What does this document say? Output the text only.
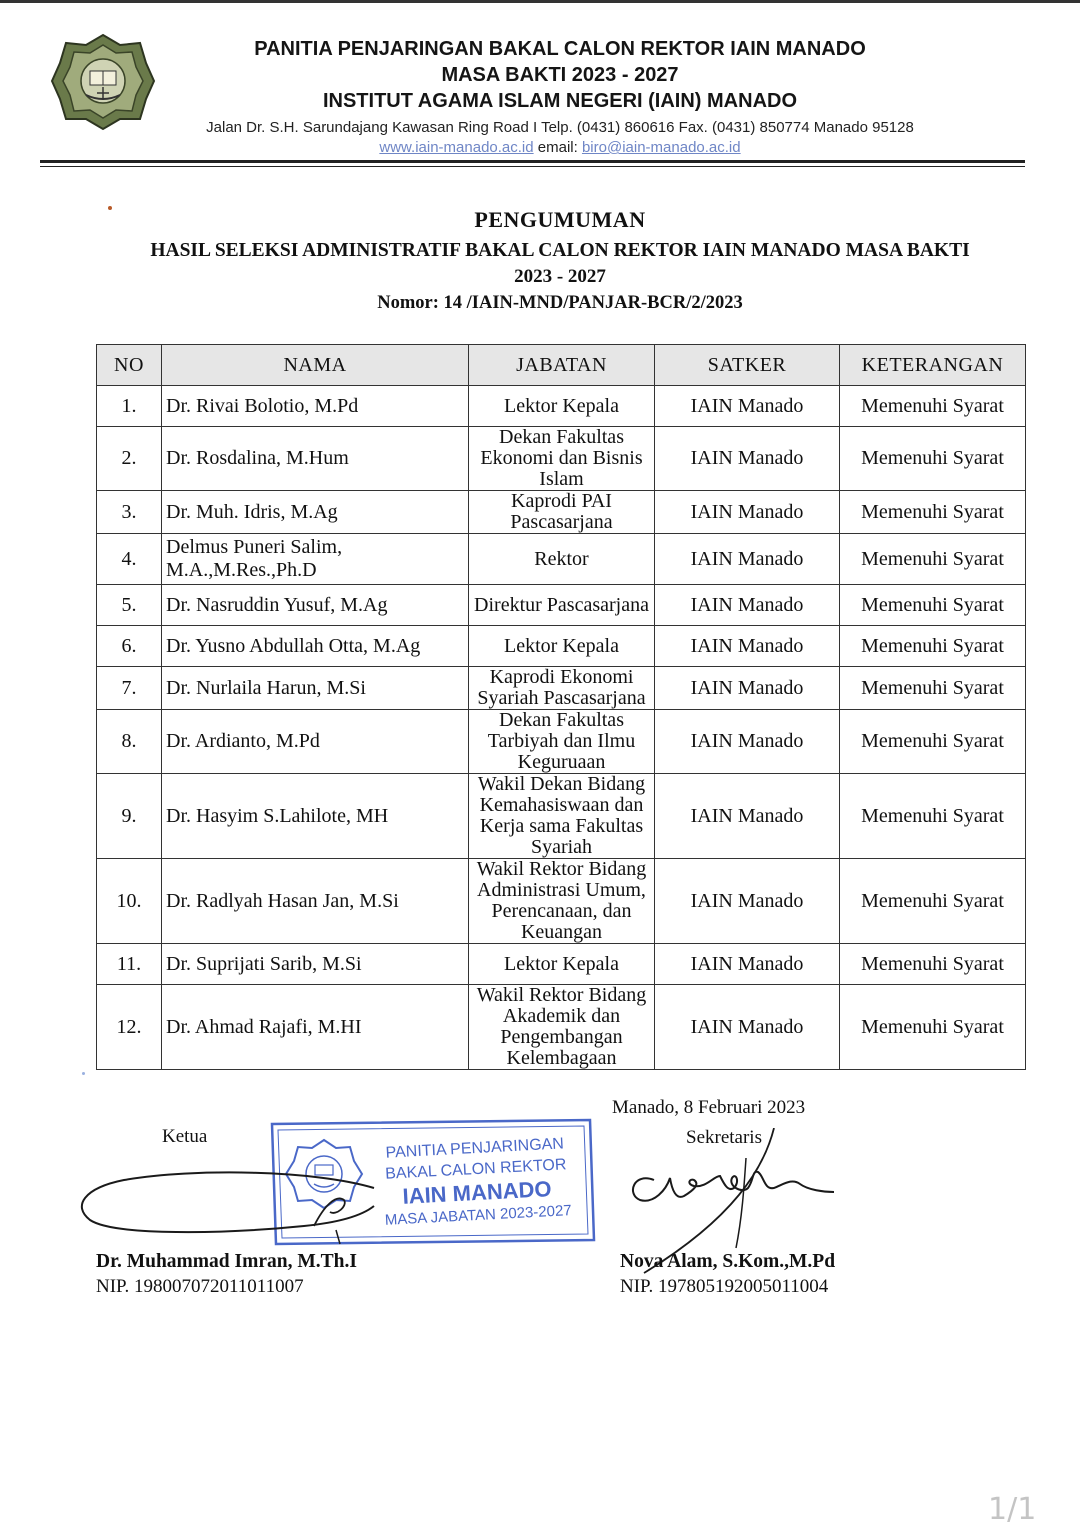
PANITIA PENJARINGAN BAKAL CALON REKTOR IAIN MANADO
MASA BAKTI 2023 - 2027
INSTITUT AGAMA ISLAM NEGERI (IAIN) MANADO
Jalan Dr. S.H. Sarundajang Kawasan Ring Road I Telp. (0431) 860616 Fax. (0431) 850774 Manado 95128
www.iain-manado.ac.id email: biro@iain-manado.ac.id
PENGUMUMAN
HASIL SELEKSI ADMINISTRATIF BAKAL CALON REKTOR IAIN MANADO MASA BAKTI
2023 - 2027
Nomor: 14 /IAIN-MND/PANJAR-BCR/2/2023
NO	NAMA	JABATAN	SATKER	KETERANGAN
1.	Dr. Rivai Bolotio, M.Pd	Lektor Kepala	IAIN Manado	Memenuhi Syarat
2.	Dr. Rosdalina, M.Hum	Dekan Fakultas
Ekonomi dan Bisnis
Islam	IAIN Manado	Memenuhi Syarat
3.	Dr. Muh. Idris, M.Ag	Kaprodi PAI
Pascasarjana	IAIN Manado	Memenuhi Syarat
4.	Delmus Puneri Salim,
M.A.,M.Res.,Ph.D	Rektor	IAIN Manado	Memenuhi Syarat
5.	Dr. Nasruddin Yusuf, M.Ag	Direktur Pascasarjana	IAIN Manado	Memenuhi Syarat
6.	Dr. Yusno Abdullah Otta, M.Ag	Lektor Kepala	IAIN Manado	Memenuhi Syarat
7.	Dr. Nurlaila Harun, M.Si	Kaprodi Ekonomi
Syariah Pascasarjana	IAIN Manado	Memenuhi Syarat
8.	Dr. Ardianto, M.Pd	Dekan Fakultas
Tarbiyah dan Ilmu
Keguruaan	IAIN Manado	Memenuhi Syarat
9.	Dr. Hasyim S.Lahilote, MH	Wakil Dekan Bidang
Kemahasiswaan dan
Kerja sama Fakultas
Syariah	IAIN Manado	Memenuhi Syarat
10.	Dr. Radlyah Hasan Jan, M.Si	Wakil Rektor Bidang
Administrasi Umum,
Perencanaan, dan
Keuangan	IAIN Manado	Memenuhi Syarat
11.	Dr. Suprijati Sarib, M.Si	Lektor Kepala	IAIN Manado	Memenuhi Syarat
12.	Dr. Ahmad Rajafi, M.HI	Wakil Rektor Bidang
Akademik dan
Pengembangan
Kelembagaan	IAIN Manado	Memenuhi Syarat
Manado, 8 Februari 2023
Ketua	Sekretaris
PANITIA PENJARINGAN
BAKAL CALON REKTOR
IAIN MANADO
MASA JABATAN 2023-2027
Dr. Muhammad Imran, M.Th.I
NIP. 198007072011011007
Nova Alam, S.Kom.,M.Pd
NIP. 197805192005011004
1/1
